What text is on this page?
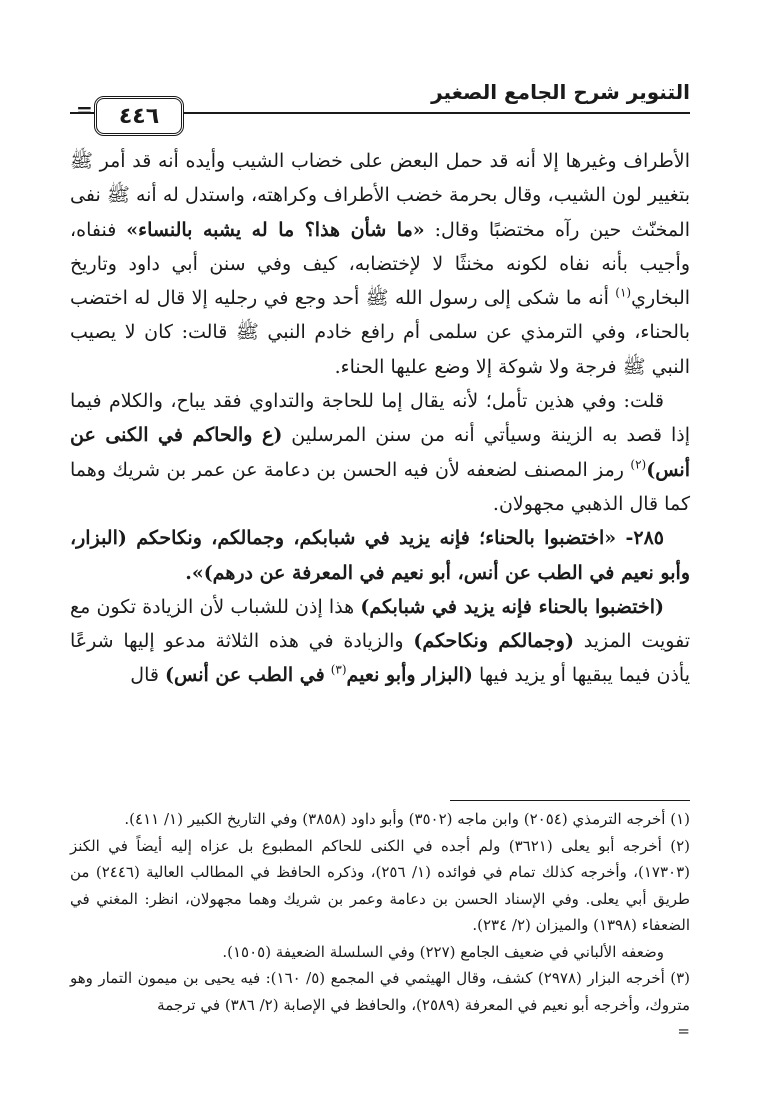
التنوير شرح الجامع الصغير
=	٤٤٦

الأطراف وغيرها إلا أنه قد حمل البعض على خضاب الشيب وأيده أنه قد أمر ﷺ بتغيير لون الشيب، وقال بحرمة خضب الأطراف وكراهته، واستدل له أنه ﷺ نفى المخنّث حين رآه مختضبًا وقال: «ما شأن هذا؟ ما له يشبه بالنساء» فنفاه، وأجيب بأنه نفاه لكونه مخنثًا لا لإختضابه، كيف وفي سنن أبي داود وتاريخ البخاري$^{(١)}$ أنه ما شكى إلى رسول الله ﷺ أحد وجع في رجليه إلا قال له اختضب بالحناء، وفي الترمذي عن سلمى أم رافع خادم النبي ﷺ قالت: كان لا يصيب النبي ﷺ فرجة ولا شوكة إلا وضع عليها الحناء.

قلت: وفي هذين تأمل؛ لأنه يقال إما للحاجة والتداوي فقد يباح، والكلام فيما إذا قصد به الزينة وسيأتي أنه من سنن المرسلين (ع والحاكم في الكنى عن أنس)$^{(٢)}$ رمز المصنف لضعفه لأن فيه الحسن بن دعامة عن عمر بن شريك وهما كما قال الذهبي مجهولان.

٢٨٥- «اختضبوا بالحناء؛ فإنه يزيد في شبابكم، وجمالكم، ونكاحكم (البزار، وأبو نعيم في الطب عن أنس، أبو نعيم في المعرفة عن درهم)».

(اختضبوا بالحناء فإنه يزيد في شبابكم) هذا إذن للشباب لأن الزيادة تكون مع تفويت المزيد (وجمالكم ونكاحكم) والزيادة في هذه الثلاثة مدعو إليها شرعًا يأذن فيما يبقيها أو يزيد فيها (البزار وأبو نعيم$^{(٣)}$ في الطب عن أنس) قال

(١) أخرجه الترمذي (٢٠٥٤) وابن ماجه (٣٥٠٢) وأبو داود (٣٨٥٨) وفي التاريخ الكبير (١/ ٤١١).

(٢) أخرجه أبو يعلى (٣٦٢١) ولم أجده في الكنى للحاكم المطبوع بل عزاه إليه أيضاً في الكنز (١٧٣٠٣)، وأخرجه كذلك تمام في فوائده (١/ ٢٥٦)، وذكره الحافظ في المطالب العالية (٢٤٤٦) من طريق أبي يعلى. وفي الإسناد الحسن بن دعامة وعمر بن شريك وهما مجهولان، انظر: المغني في الضعفاء (١٣٩٨) والميزان (٢/ ٢٣٤).

وضعفه الألباني في ضعيف الجامع (٢٢٧) وفي السلسلة الضعيفة (١٥٠٥).

(٣) أخرجه البزار (٢٩٧٨) كشف، وقال الهيثمي في المجمع (٥/ ١٦٠): فيه يحيى بن ميمون التمار وهو متروك، وأخرجه أبو نعيم في المعرفة (٢٥٨٩)، والحافظ في الإصابة (٢/ ٣٨٦) في ترجمة

=
